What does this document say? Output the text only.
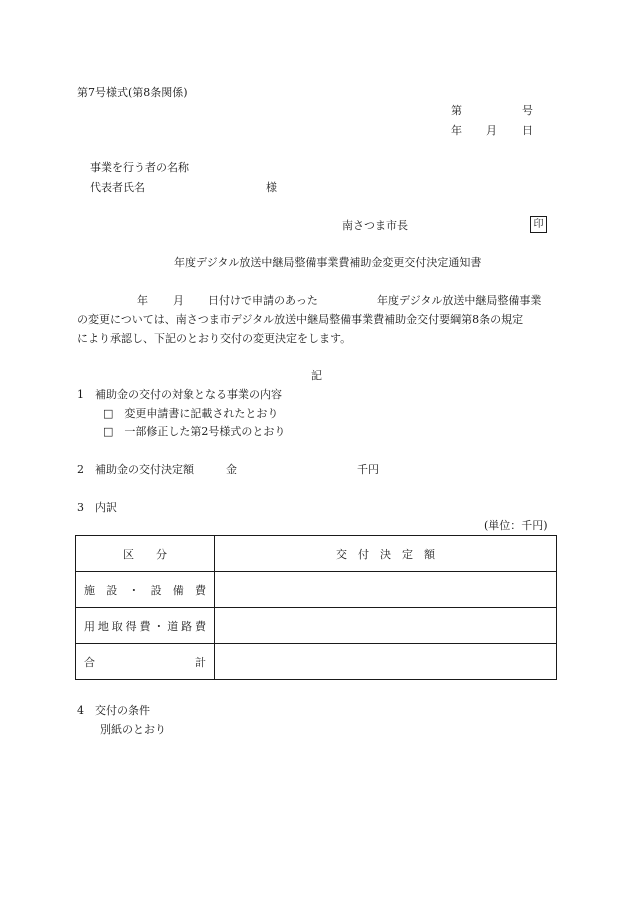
第7号様式(第8条関係)
第	号
年 月 日
事業を行う者の名称
代表者氏名	様
南さつま市長	印
年度デジタル放送中継局整備事業費補助金変更交付決定通知書
年 月 日付けで申請のあった	年度デジタル放送中継局整備事業
の変更については、南さつま市デジタル放送中継局整備事業費補助金交付要綱第8条の規定
により承認し、下記のとおり交付の変更決定をします。
記
1　補助金の交付の対象となる事業の内容
□　変更申請書に記載されたとおり
□　一部修正した第2号様式のとおり
2　補助金の交付決定額	金	千円
3　内訳
(単位：千円)
区　　分	交　付　決　定　額
施設・設備費	
用地取得費・道路費	
合計	
4　交付の条件
別紙のとおり
